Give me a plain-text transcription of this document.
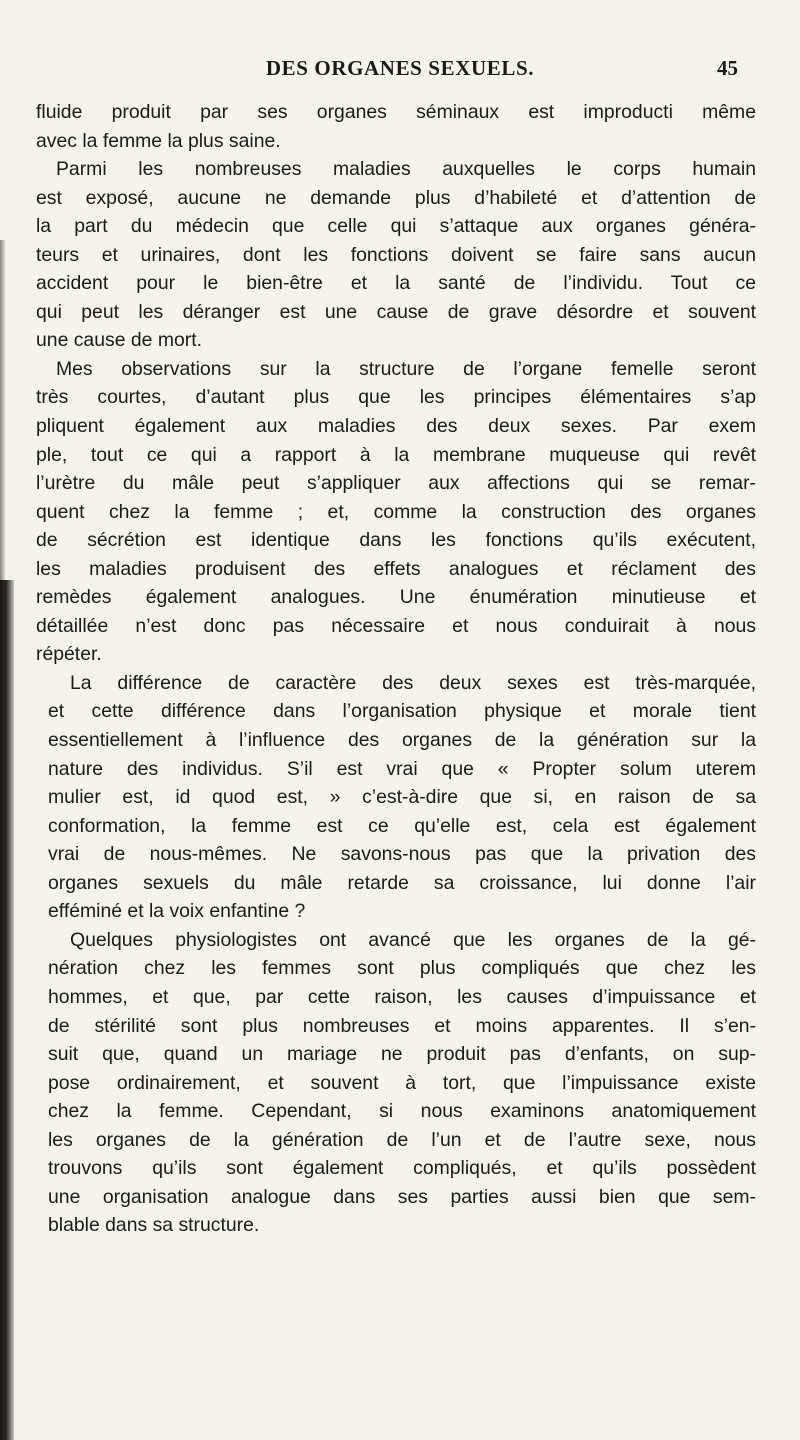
DES ORGANES SEXUELS.	45
fluide produit par ses organes séminaux est improducti même
avec la femme la plus saine.
Parmi les nombreuses maladies auxquelles le corps humain
est exposé, aucune ne demande plus d’habileté et d’attention de
la part du médecin que celle qui s’attaque aux organes généra-
teurs et urinaires, dont les fonctions doivent se faire sans aucun
accident pour le bien-être et la santé de l’individu. Tout ce
qui peut les déranger est une cause de grave désordre et souvent
une cause de mort.
Mes observations sur la structure de l’organe femelle seront
très courtes, d’autant plus que les principes élémentaires s’ap
pliquent également aux maladies des deux sexes. Par exem
ple, tout ce qui a rapport à la membrane muqueuse qui revêt
l’urètre du mâle peut s’appliquer aux affections qui se remar-
quent chez la femme ; et, comme la construction des organes
de sécrétion est identique dans les fonctions qu’ils exécutent,
les maladies produisent des effets analogues et réclament des
remèdes également analogues. Une énumération minutieuse et
détaillée n’est donc pas nécessaire et nous conduirait à nous
répéter.
La différence de caractère des deux sexes est très-marquée,
et cette différence dans l’organisation physique et morale tient
essentiellement à l’influence des organes de la génération sur la
nature des individus. S’il est vrai que « Propter solum uterem
mulier est, id quod est, » c’est-à-dire que si, en raison de sa
conformation, la femme est ce qu’elle est, cela est également
vrai de nous-mêmes. Ne savons-nous pas que la privation des
organes sexuels du mâle retarde sa croissance, lui donne l’air
efféminé et la voix enfantine ?
Quelques physiologistes ont avancé que les organes de la gé-
nération chez les femmes sont plus compliqués que chez les
hommes, et que, par cette raison, les causes d’impuissance et
de stérilité sont plus nombreuses et moins apparentes. Il s’en-
suit que, quand un mariage ne produit pas d’enfants, on sup-
pose ordinairement, et souvent à tort, que l’impuissance existe
chez la femme. Cependant, si nous examinons anatomiquement
les organes de la génération de l’un et de l’autre sexe, nous
trouvons qu’ils sont également compliqués, et qu’ils possèdent
une organisation analogue dans ses parties aussi bien que sem-
blable dans sa structure.
